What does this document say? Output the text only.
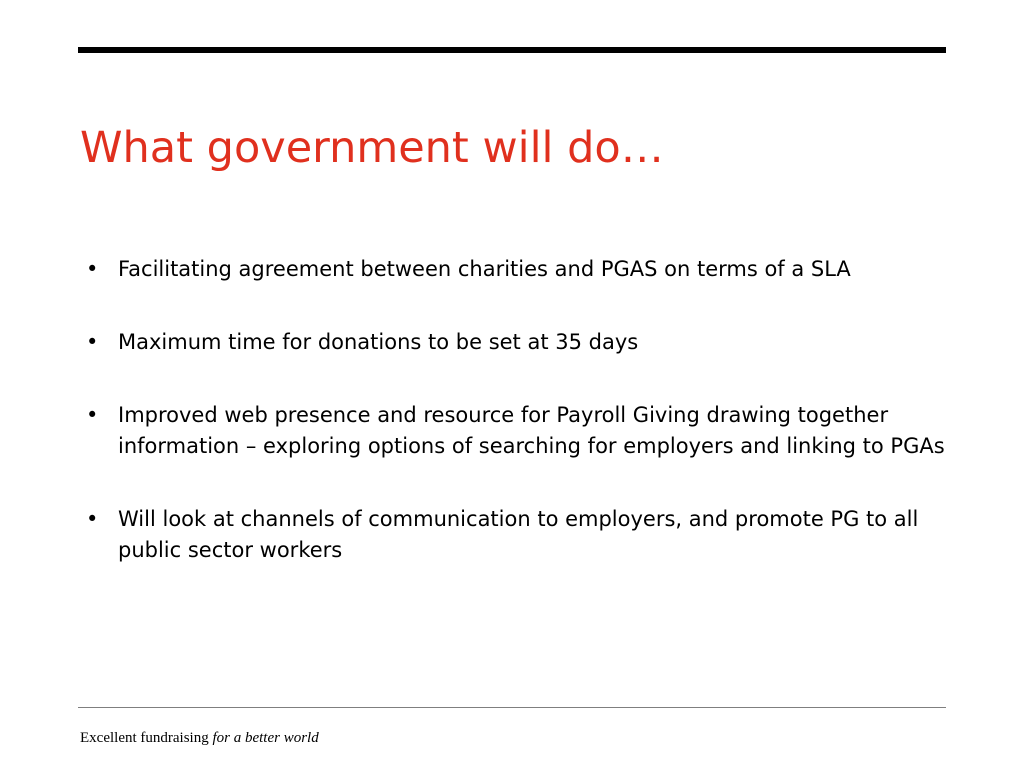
What government will do…
• Facilitating agreement between charities and PGAS on terms of a SLA
• Maximum time for donations to be set at 35 days
• Improved web presence and resource for Payroll Giving drawing together information – exploring options of searching for employers and linking to PGAs
• Will look at channels of communication to employers, and promote PG to all public sector workers
Excellent fundraising for a better world
